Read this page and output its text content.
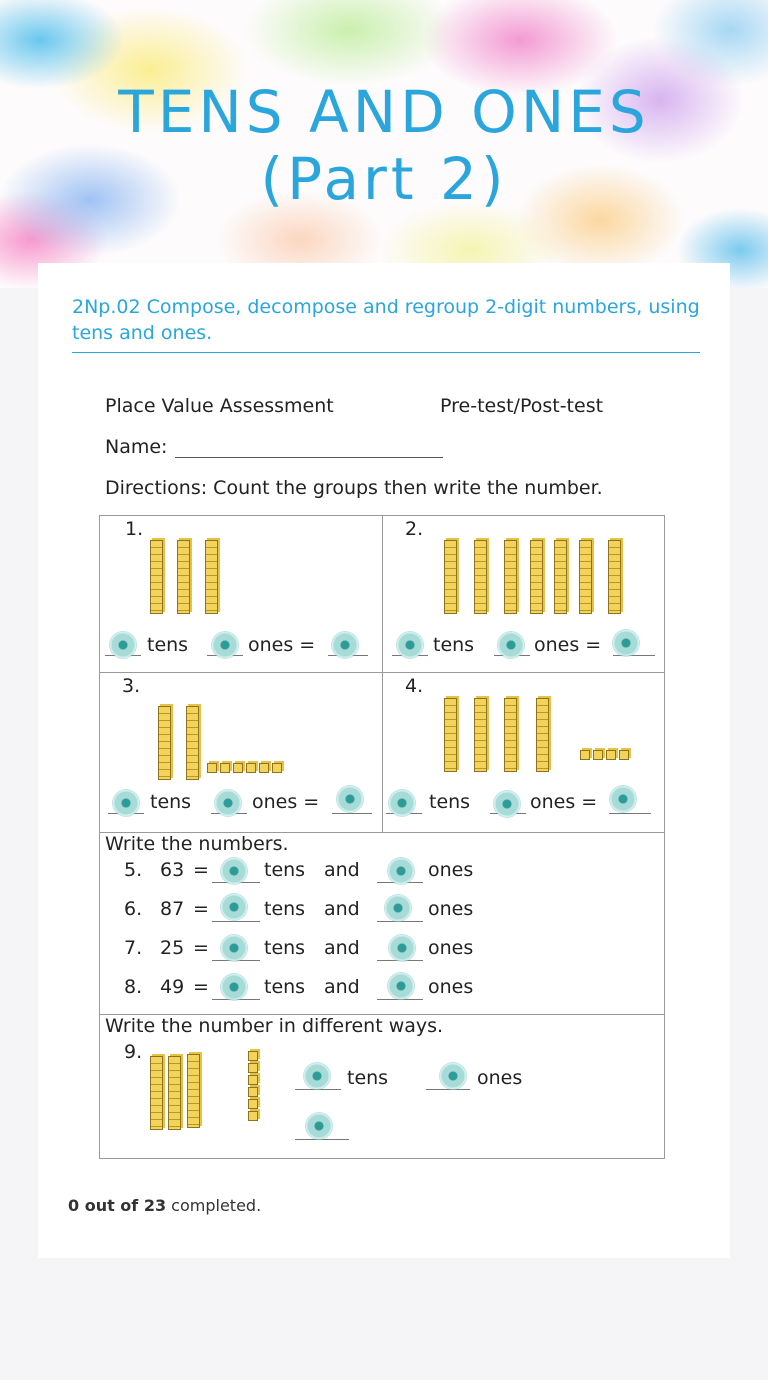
TENS AND ONES
(Part 2)
2Np.02 Compose, decompose and regroup 2-digit numbers, using tens and ones.
Place Value Assessment	Pre-test/Post-test
Name:
Directions: Count the groups then write the number.
1.
tens	ones =
2.
tens	ones =
3.
tens	ones =
4.
tens	ones =
Write the numbers.
5. 63 =	tens and	ones
6. 87 =	tens and	ones
7. 25 =	tens and	ones
8. 49 =	tens and	ones
Write the number in different ways.
9.
tens	ones
0 out of 23 completed.
